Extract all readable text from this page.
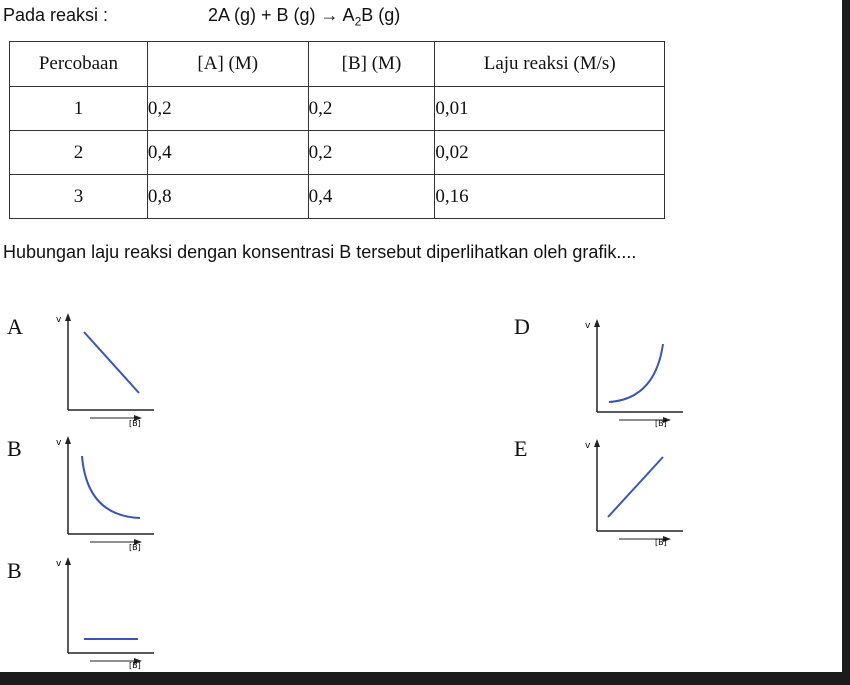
Pada reaksi :	2A (g) + B $(g) \to A_2B$ (g)
Percobaan	[A] (M)	[B] (M)	Laju reaksi (M/s)
1	0,2	0,2	0,01
2	0,4	0,2	0,02
3	0,8	0,4	0,16
Hubungan laju reaksi dengan konsentrasi B tersebut diperlihatkan oleh grafik....
A	v
[B]
B	v
[B]
B	v
[B]
D	v
[B]
E	v
[B]
